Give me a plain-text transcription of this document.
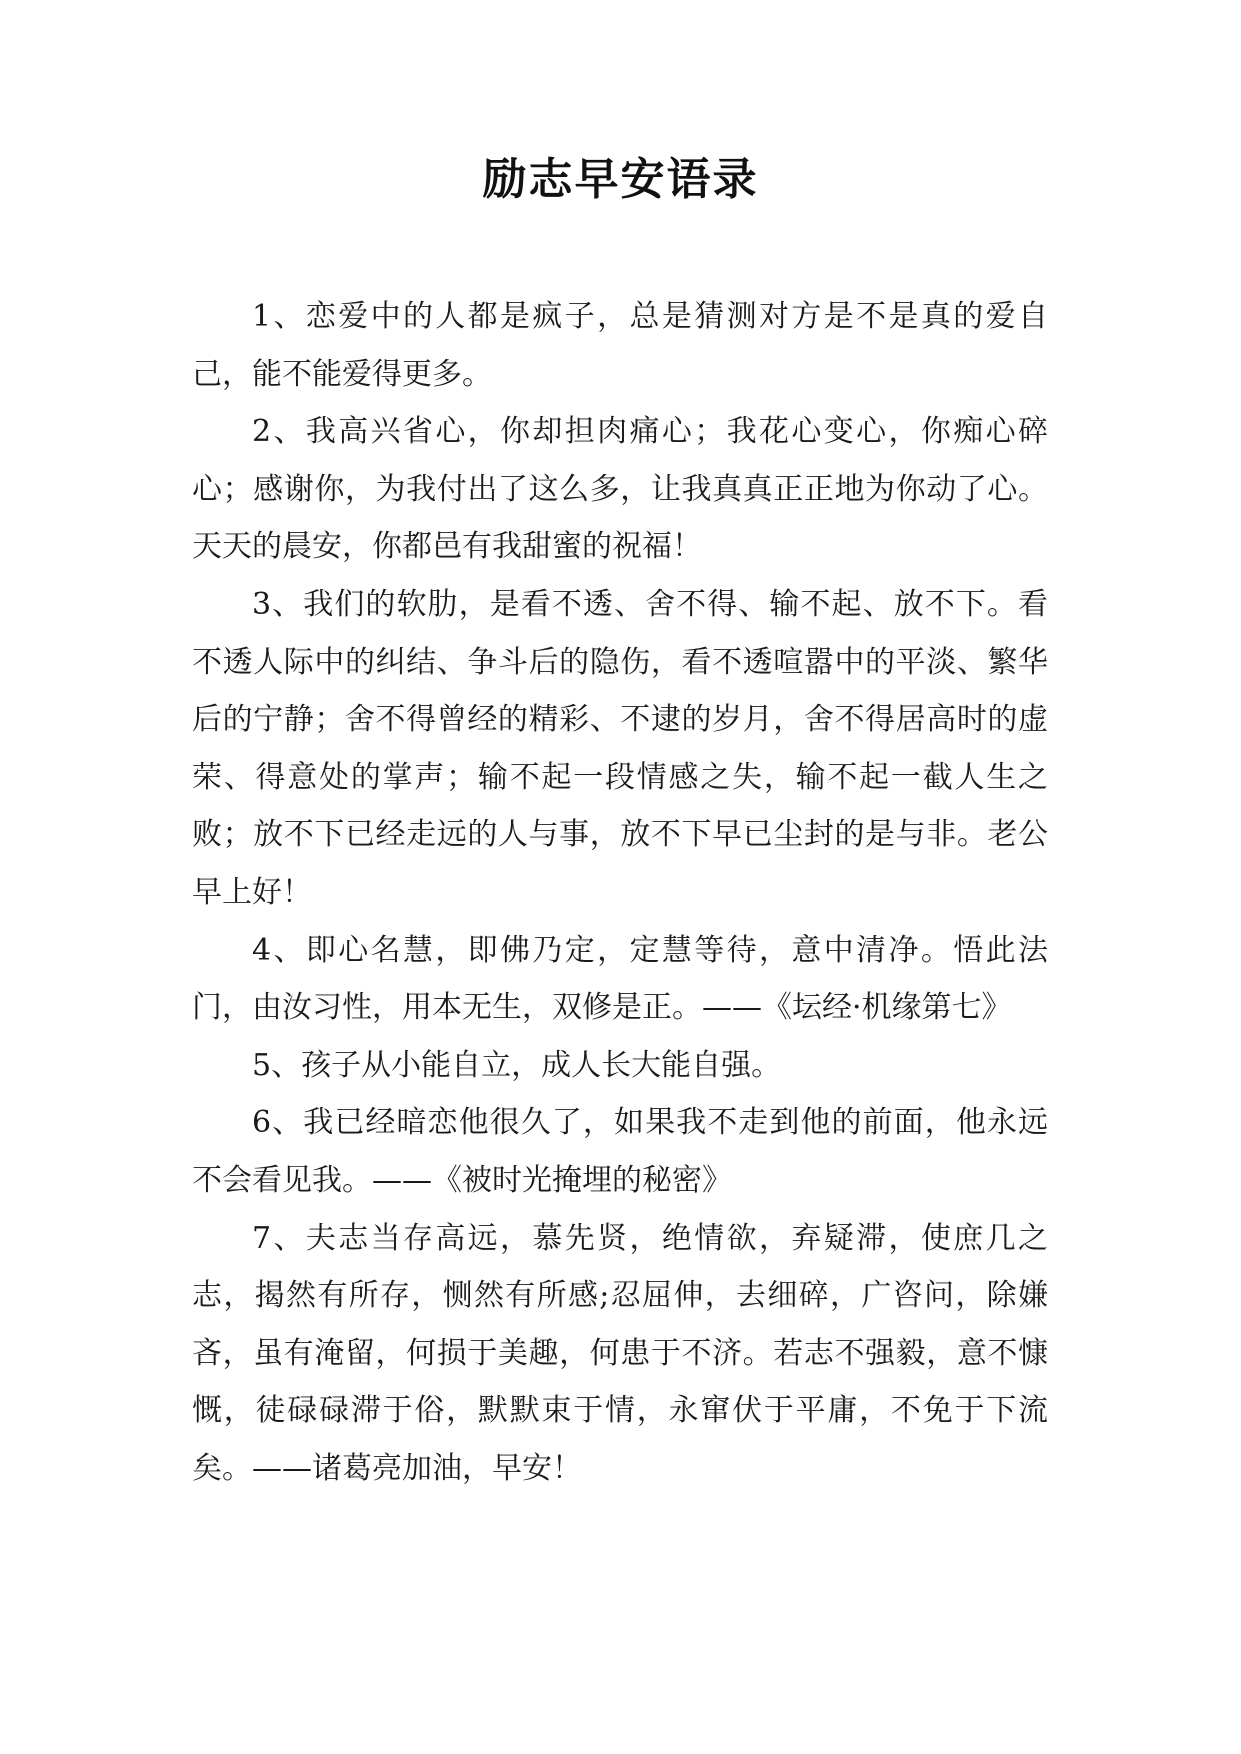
励志早安语录

1、恋爱中的人都是疯子，总是猜测对方是不是真的爱自己，能不能爱得更多。

2、我高兴省心，你却担肉痛心；我花心变心，你痴心碎心；感谢你，为我付出了这么多，让我真真正正地为你动了心。天天的晨安，你都邑有我甜蜜的祝福！

3、我们的软肋，是看不透、舍不得、输不起、放不下。看不透人际中的纠结、争斗后的隐伤，看不透喧嚣中的平淡、繁华后的宁静；舍不得曾经的精彩、不逮的岁月，舍不得居高时的虚荣、得意处的掌声；输不起一段情感之失，输不起一截人生之败；放不下已经走远的人与事，放不下早已尘封的是与非。老公早上好！

4、即心名慧，即佛乃定，定慧等待，意中清净。悟此法门，由汝习性，用本无生，双修是正。——《坛经·机缘第七》

5、孩子从小能自立，成人长大能自强。

6、我已经暗恋他很久了，如果我不走到他的前面，他永远不会看见我。——《被时光掩埋的秘密》

7、夫志当存高远，慕先贤，绝情欲，弃疑滞，使庶几之志，揭然有所存，恻然有所感;忍屈伸，去细碎，广咨问，除嫌吝，虽有淹留，何损于美趣，何患于不济。若志不强毅，意不慷慨，徒碌碌滞于俗，默默束于情，永窜伏于平庸，不免于下流矣。——诸葛亮加油，早安！
